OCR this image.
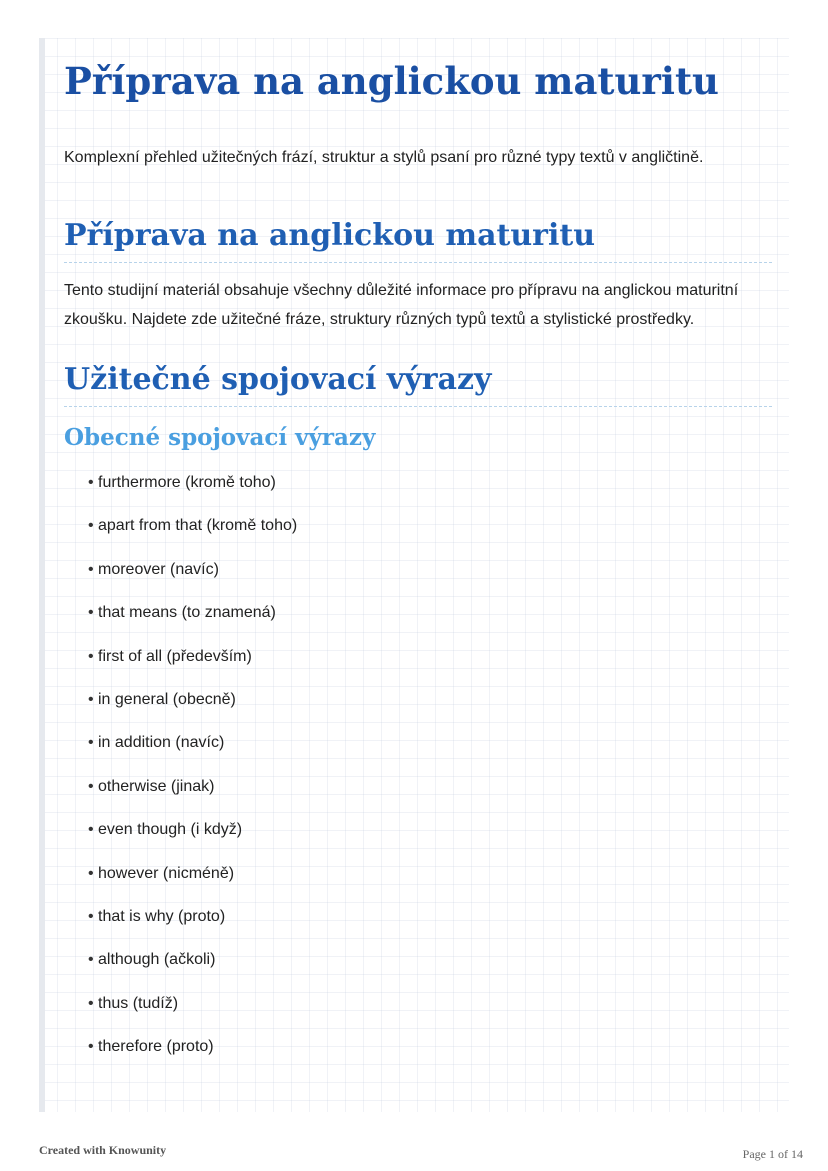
Příprava na anglickou maturitu

Komplexní přehled užitečných frází, struktur a stylů psaní pro různé typy textů v angličtině.

Příprava na anglickou maturitu

Tento studijní materiál obsahuje všechny důležité informace pro přípravu na anglickou maturitní zkoušku. Najdete zde užitečné fráze, struktury různých typů textů a stylistické prostředky.

Užitečné spojovací výrazy
Obecné spojovací výrazy
• furthermore (kromě toho)
• apart from that (kromě toho)
• moreover (navíc)
• that means (to znamená)
• first of all (především)
• in general (obecně)
• in addition (navíc)
• otherwise (jinak)
• even though (i když)
• however (nicméně)
• that is why (proto)
• although (ačkoli)
• thus (tudíž)
• therefore (proto)
Created with Knowunity	Page 1 of 14
